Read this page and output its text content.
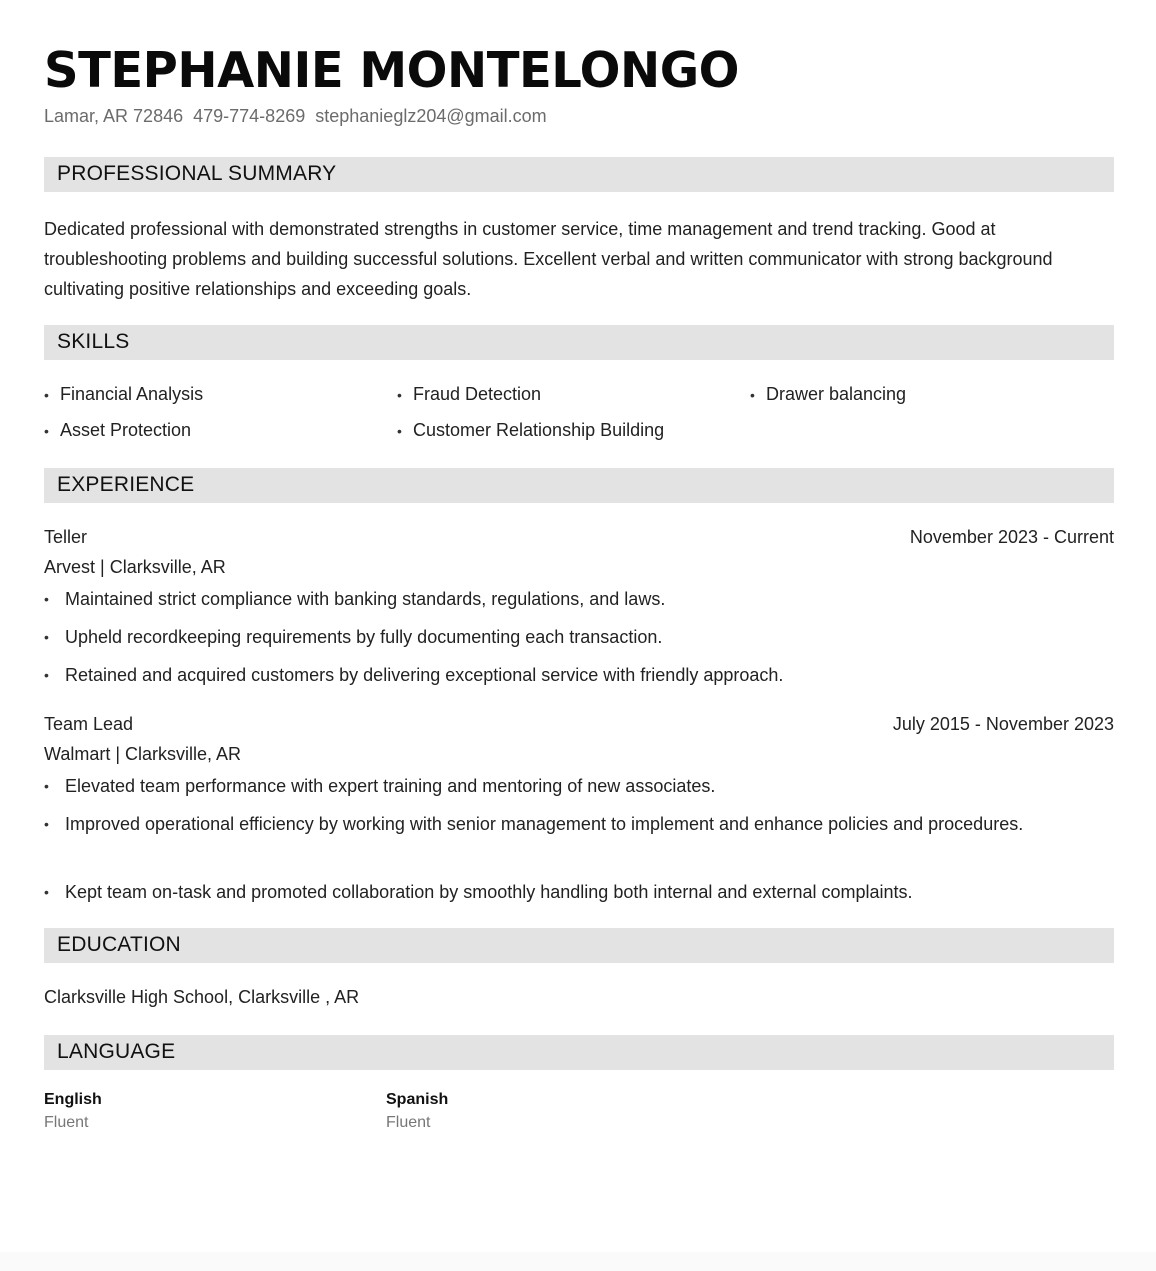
STEPHANIE MONTELONGO
Lamar, AR 72846 479-774-8269 stephanieglz204@gmail.com
PROFESSIONAL SUMMARY
Dedicated professional with demonstrated strengths in customer service, time management and trend tracking. Good at troubleshooting problems and building successful solutions. Excellent verbal and written communicator with strong background cultivating positive relationships and exceeding goals.
SKILLS
• Financial Analysis	• Fraud Detection	• Drawer balancing
• Asset Protection	• Customer Relationship Building
EXPERIENCE
Teller	November 2023 - Current
Arvest | Clarksville, AR
• Maintained strict compliance with banking standards, regulations, and laws.
• Upheld recordkeeping requirements by fully documenting each transaction.
• Retained and acquired customers by delivering exceptional service with friendly approach.
Team Lead	July 2015 - November 2023
Walmart | Clarksville, AR
• Elevated team performance with expert training and mentoring of new associates.
• Improved operational efficiency by working with senior management to implement and enhance policies and procedures.
• Kept team on-task and promoted collaboration by smoothly handling both internal and external complaints.
EDUCATION
Clarksville High School, Clarksville , AR
LANGUAGE
English
Fluent
Spanish
Fluent
